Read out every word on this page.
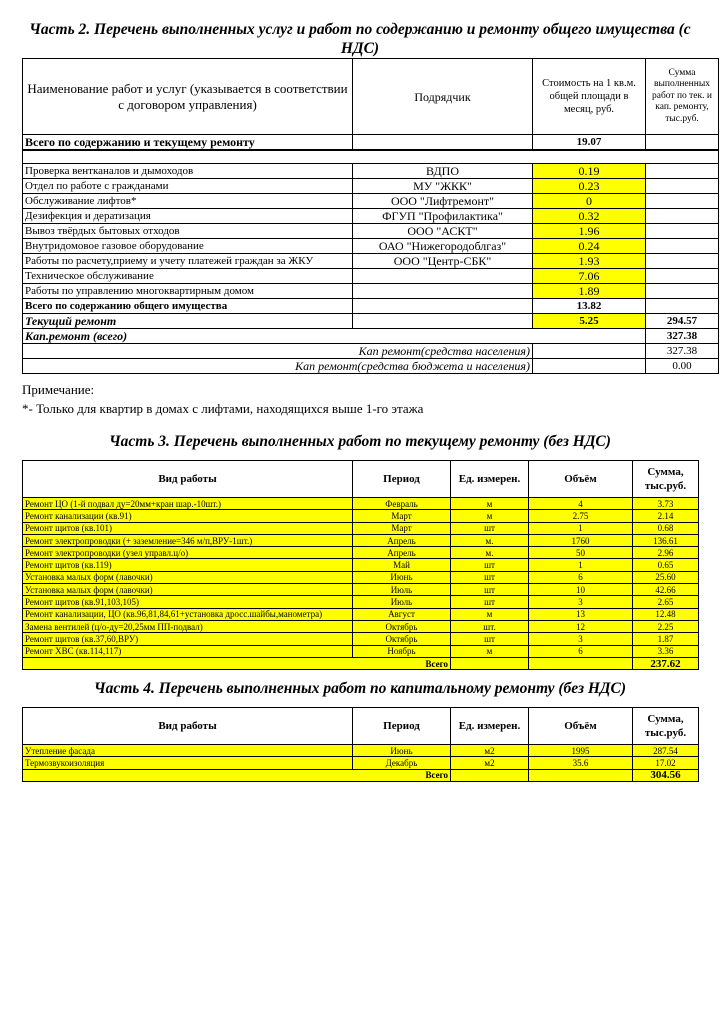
Часть 2. Перечень выполненных услуг и работ по содержанию и ремонту общего имущества (с НДС)
Наименование работ и услуг (указывается в соответствии с договором управления)	Подрядчик	Стоимость на 1 кв.м. общей площади в месяц, руб.	Сумма выполненных работ по тек. и кап. ремонту, тыс.руб.
Всего по содержанию и текущему ремонту		19.07	

Проверка вентканалов и дымоходов	ВДПО	0.19	
Отдел по работе с гражданами	МУ "ЖКК"	0.23	
Обслуживание лифтов*	ООО "Лифтремонт"	0	
Дезифекция и дератизация	ФГУП "Профилактика"	0.32	
Вывоз твёрдых бытовых отходов	ООО "АСКТ"	1.96	
Внутридомовое газовое оборудование	ОАО "Нижегородоблгаз"	0.24	
Работы по расчету,приему и учету платежей граждан за ЖКУ	ООО "Центр-СБК"	1.93	
Техническое обслуживание		7.06	
Работы по управлению многоквартирным домом		1.89	
Всего по содержанию общего имущества		13.82	
Текущий ремонт		5.25	294.57
Кап.ремонт (всего)			327.38
Кап ремонт(средства населения)			327.38
Кап ремонт(средства бюджета и населения)			0.00
Примечание:
*- Только для квартир в домах с лифтами, находящихся выше 1-го этажа
Часть 3. Перечень выполненных работ по текущему ремонту (без НДС)
Вид работы	Период	Ед. измерен.	Объём	Сумма, тыс.руб.
Ремонт ЦО (1-й подвал ду=20мм+кран шар.-10шт.)	Февраль	м	4	3.73
Ремонт канализации (кв.91)	Март	м	2.75	2.14
Ремонт щитов (кв.101)	Март	шт	1	0.68
Ремонт электропроводки (+ заземление=346 м/п,ВРУ-1шт.)	Апрель	м.	1760	136.61
Ремонт электропроводки (узел управл.ц/о)	Апрель	м.	50	2.96
Ремонт щитов (кв.119)	Май	шт	1	0.65
Установка малых форм (лавочки)	Июнь	шт	6	25.60
Установка малых форм (лавочки)	Июль	шт	10	42.66
Ремонт щитов (кв.91,103,105)	Июль	шт	3	2.65
Ремонт канализации, ЦО (кв.96,81,84,61+установка дросс.шайбы,манометра)	Август	м	13	12.48
Замена вентилей (ц/о-ду=20,25мм ПП-подвал)	Октябрь	шт.	12	2.25
Ремонт щитов (кв.37,60,ВРУ)	Октябрь	шт	3	1.87
Ремонт ХВС (кв.114,117)	Ноябрь	м	6	3.36
Всего				237.62
Часть 4. Перечень выполненных работ по капитальному ремонту (без НДС)
Вид работы	Период	Ед. измерен.	Объём	Сумма, тыс.руб.
Утепление фасада	Июнь	м2	1995	287.54
Термозвукоизоляция	Декабрь	м2	35.6	17.02
Всего				304.56
